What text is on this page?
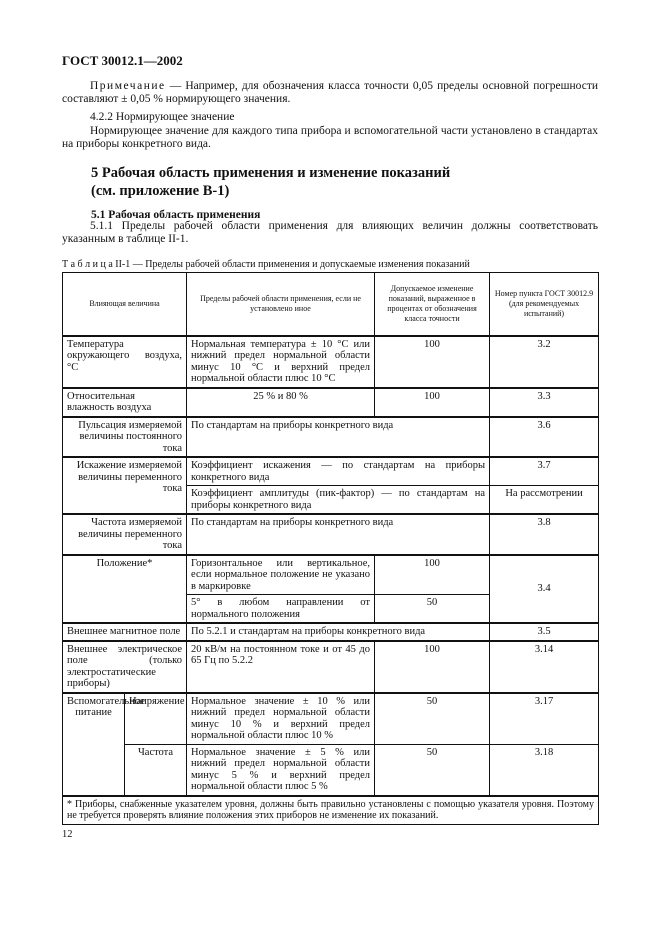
ГОСТ 30012.1—2002
Примечание — Например, для обозначения класса точности 0,05 пределы основной погрешности составляют ± 0,05 % нормирующего значения.
4.2.2 Нормирующее значение
Нормирующее значение для каждого типа прибора и вспомогательной части установлено в стандартах на приборы конкретного вида.
5 Рабочая область применения и изменение показаний
(см. приложение В-1)
5.1 Рабочая область применения
5.1.1 Пределы рабочей области применения для влияющих величин должны соответствовать указанным в таблице II-1.
Т а б л и ц а II-1 — Пределы рабочей области применения и допускаемые изменения показаний
Влияющая величина		Пределы рабочей области применения, если не установлено иное	Допускаемое изменение показаний, выраженное в процентах от обозначения класса точности	Номер пункта ГОСТ 30012.9 (для рекомендуемых испытаний)
Температура окружающего воздуха, °С		Нормальная температура ± 10 °С или нижний предел нормальной области минус 10 °С и верхний предел нормальной области плюс 10 °С	100	3.2
Относительная влажность воздуха		25 % и 80 %	100	3.3
Пульсация измеряемой величины постоянного тока		По стандартам на приборы конкретного вида		3.6
Искажение измеряемой величины переменного тока		Коэффициент искажения — по стандартам на приборы конкретного вида		3.7
		Коэффициент амплитуды (пик-фактор) — по стандартам на приборы конкретного вида		На рассмотрении
Частота измеряемой величины переменного тока		По стандартам на приборы конкретного вида		3.8
Положение*		Горизонтальное или вертикальное, если нормальное положение не указано в маркировке	100	3.4
		5° в любом направлении от нормального положения	50	
Внешнее магнитное поле		По 5.2.1 и стандартам на приборы конкретного вида		3.5
Внешнее электрическое поле (только электростатические приборы)		20 кВ/м на постоянном токе и от 45 до 65 Гц по 5.2.2	100	3.14
Вспомогательное питание	Напряжение	Нормальное значение ± 10 % или нижний предел нормальной области минус 10 % и верхний предел нормальной области плюс 10 %	50	3.17
	Частота	Нормальное значение ± 5 % или нижний предел нормальной области минус 5 % и верхний предел нормальной области плюс 5 %	50	3.18
* Приборы, снабженные указателем уровня, должны быть правильно установлены с помощью указателя уровня. Поэтому не требуется проверять влияние положения этих приборов не изменение их показаний.				
12
